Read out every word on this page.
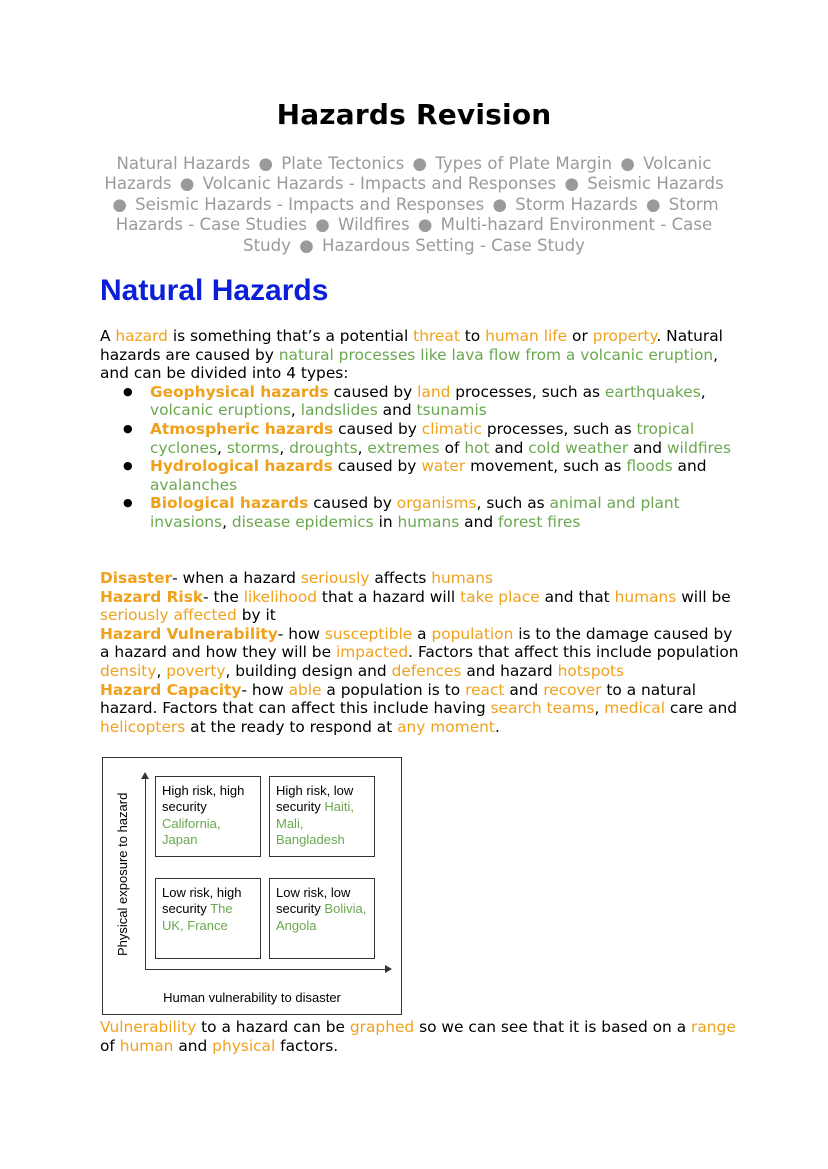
Hazards Revision
Natural Hazards ● Plate Tectonics ● Types of Plate Margin ● Volcanic Hazards ● Volcanic Hazards - Impacts and Responses ● Seismic Hazards ● Seismic Hazards - Impacts and Responses ● Storm Hazards ● Storm Hazards - Case Studies ● Wildfires ● Multi-hazard Environment - Case Study ● Hazardous Setting - Case Study
Natural Hazards
A hazard is something that’s a potential threat to human life or property. Natural hazards are caused by natural processes like lava flow from a volcanic eruption, and can be divided into 4 types:
● Geophysical hazards caused by land processes, such as earthquakes, volcanic eruptions, landslides and tsunamis
● Atmospheric hazards caused by climatic processes, such as tropical cyclones, storms, droughts, extremes of hot and cold weather and wildfires
● Hydrological hazards caused by water movement, such as floods and avalanches
● Biological hazards caused by organisms, such as animal and plant invasions, disease epidemics in humans and forest fires
Disaster- when a hazard seriously affects humans
Hazard Risk- the likelihood that a hazard will take place and that humans will be seriously affected by it
Hazard Vulnerability- how susceptible a population is to the damage caused by a hazard and how they will be impacted. Factors that affect this include population density, poverty, building design and defences and hazard hotspots
Hazard Capacity- how able a population is to react and recover to a natural hazard. Factors that can affect this include having search teams, medical care and helicopters at the ready to respond at any moment.
Physical exposure to hazard
High risk, high security California, Japan
High risk, low security Haiti, Mali, Bangladesh
Low risk, high security The UK, France
Low risk, low security Bolivia, Angola
Human vulnerability to disaster
Vulnerability to a hazard can be graphed so we can see that it is based on a range of human and physical factors.
